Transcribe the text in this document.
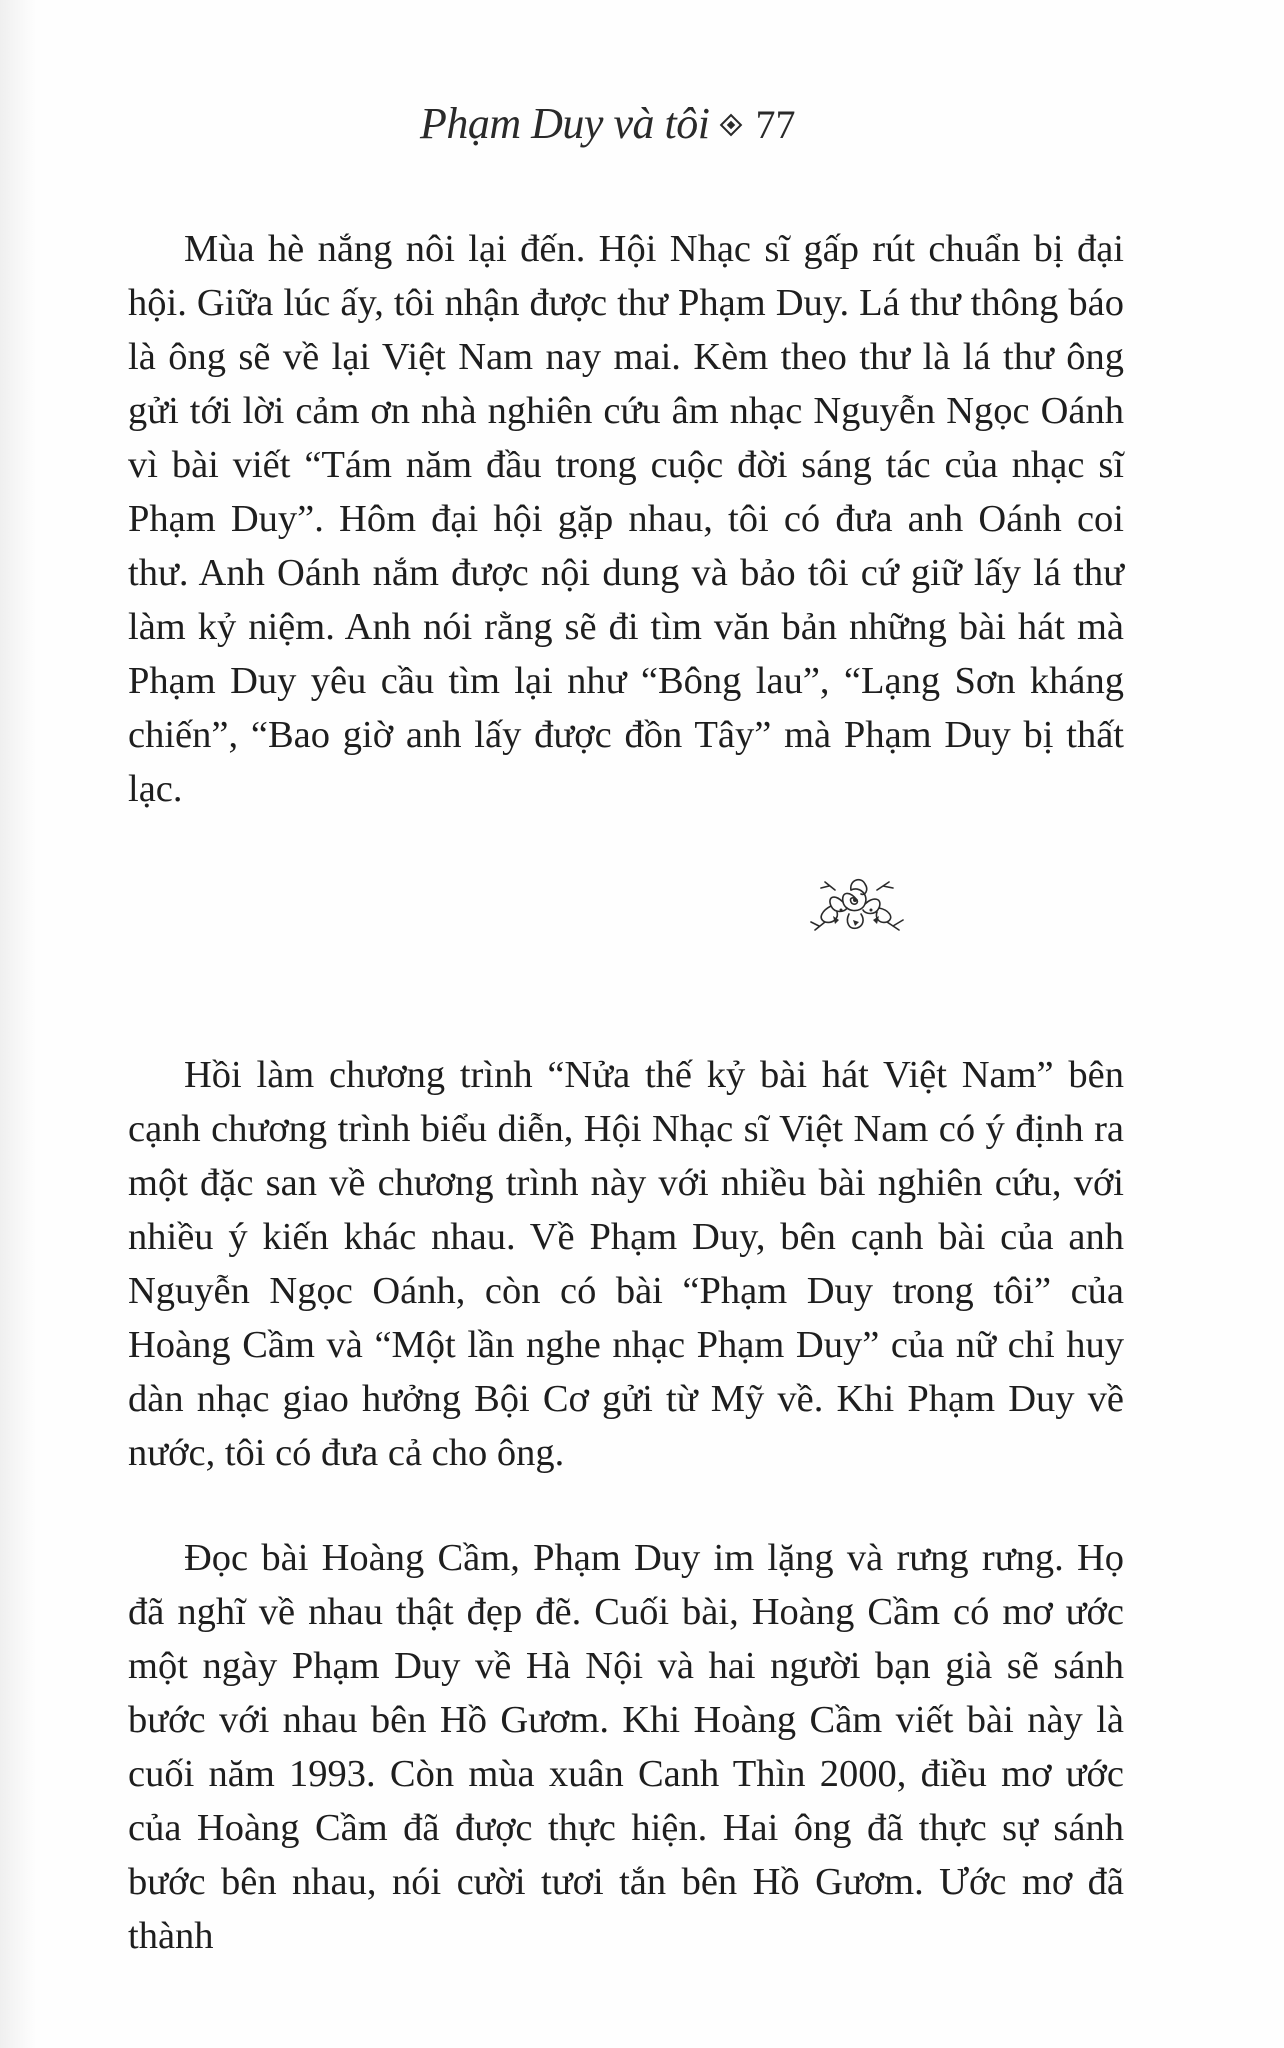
Phạm Duy và tôi 77

Mùa hè nắng nôi lại đến. Hội Nhạc sĩ gấp rút chuẩn bị đại hội. Giữa lúc ấy, tôi nhận được thư Phạm Duy. Lá thư thông báo là ông sẽ về lại Việt Nam nay mai. Kèm theo thư là lá thư ông gửi tới lời cảm ơn nhà nghiên cứu âm nhạc Nguyễn Ngọc Oánh vì bài viết “Tám năm đầu trong cuộc đời sáng tác của nhạc sĩ Phạm Duy”. Hôm đại hội gặp nhau, tôi có đưa anh Oánh coi thư. Anh Oánh nắm được nội dung và bảo tôi cứ giữ lấy lá thư làm kỷ niệm. Anh nói rằng sẽ đi tìm văn bản những bài hát mà Phạm Duy yêu cầu tìm lại như “Bông lau”, “Lạng Sơn kháng chiến”, “Bao giờ anh lấy được đồn Tây” mà Phạm Duy bị thất lạc.

Hồi làm chương trình “Nửa thế kỷ bài hát Việt Nam” bên cạnh chương trình biểu diễn, Hội Nhạc sĩ Việt Nam có ý định ra một đặc san về chương trình này với nhiều bài nghiên cứu, với nhiều ý kiến khác nhau. Về Phạm Duy, bên cạnh bài của anh Nguyễn Ngọc Oánh, còn có bài “Phạm Duy trong tôi” của Hoàng Cầm và “Một lần nghe nhạc Phạm Duy” của nữ chỉ huy dàn nhạc giao hưởng Bội Cơ gửi từ Mỹ về. Khi Phạm Duy về nước, tôi có đưa cả cho ông.

Đọc bài Hoàng Cầm, Phạm Duy im lặng và rưng rưng. Họ đã nghĩ về nhau thật đẹp đẽ. Cuối bài, Hoàng Cầm có mơ ước một ngày Phạm Duy về Hà Nội và hai người bạn già sẽ sánh bước với nhau bên Hồ Gươm. Khi Hoàng Cầm viết bài này là cuối năm 1993. Còn mùa xuân Canh Thìn 2000, điều mơ ước của Hoàng Cầm đã được thực hiện. Hai ông đã thực sự sánh bước bên nhau, nói cười tươi tắn bên Hồ Gươm. Ước mơ đã thành
